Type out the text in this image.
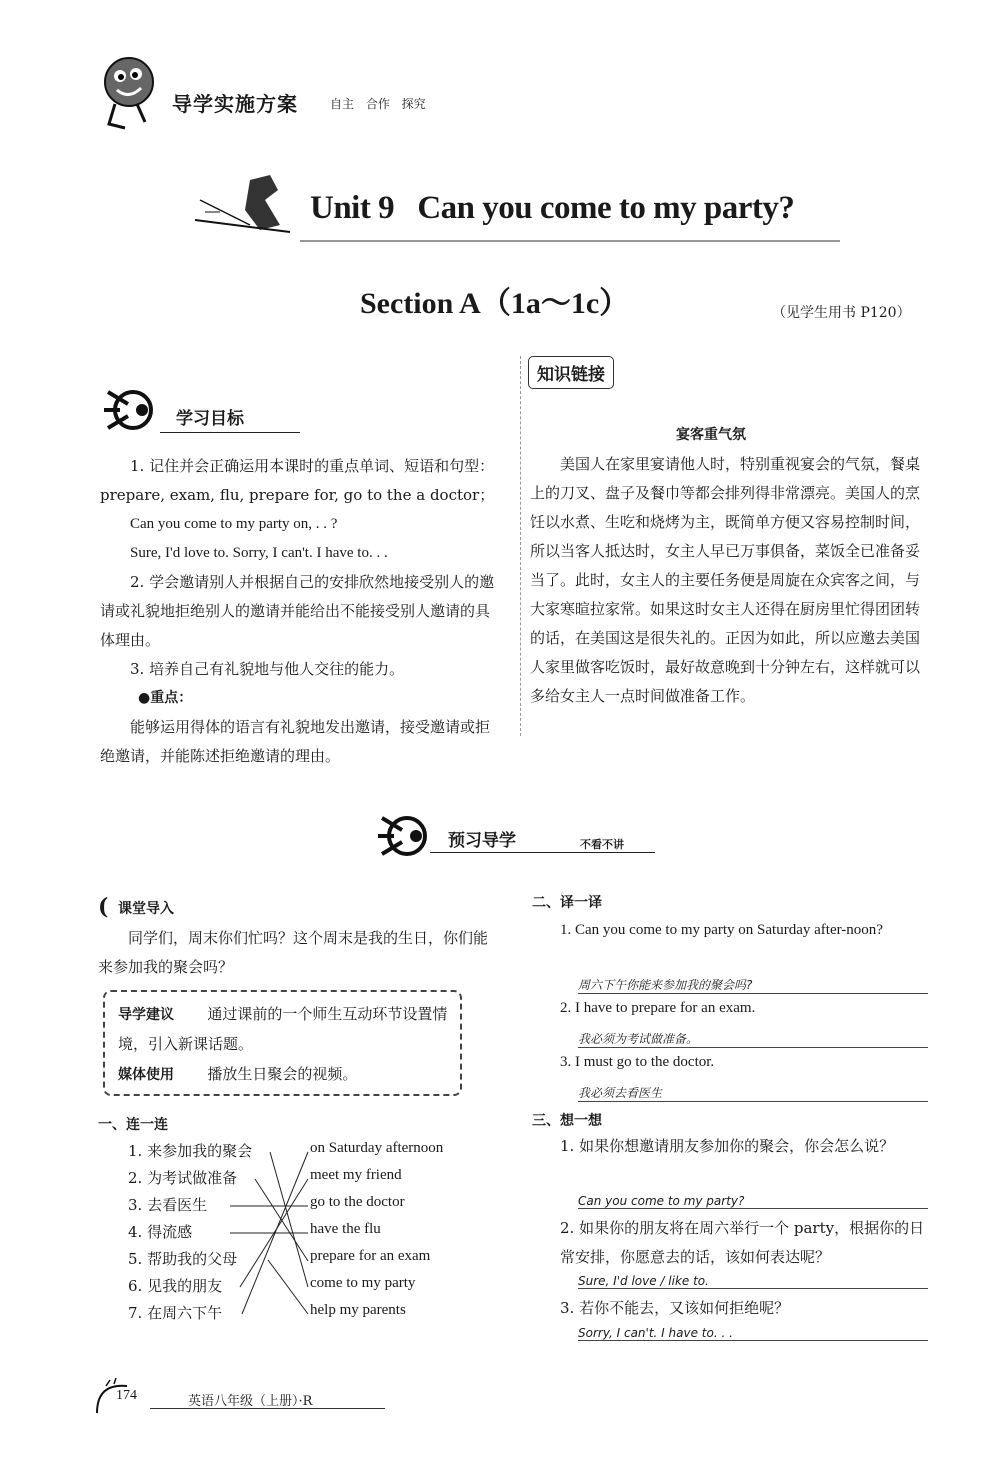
导学实施方案	自主 合作 探究
Unit 9   Can you come to my party?
Section A（1a～1c）	（见学生用书 P120）
学习目标

1. 记住并会正确运用本课时的重点单词、短语和句型：prepare, exam, flu, prepare for, go to the a doctor；

Can you come to my party on, . . ?

Sure, I'd love to. Sorry, I can't. I have to. . .

2. 学会邀请别人并根据自己的安排欣然地接受别人的邀请或礼貌地拒绝别人的邀请并能给出不能接受别人邀请的具体理由。

3. 培养自己有礼貌地与他人交往的能力。

●重点：

能够运用得体的语言有礼貌地发出邀请，接受邀请或拒绝邀请，并能陈述拒绝邀请的理由。

知识链接
宴客重气氛
美国人在家里宴请他人时，特别重视宴会的气氛，餐桌上的刀叉、盘子及餐巾等都会排列得非常漂亮。美国人的烹饪以水煮、生吃和烧烤为主，既简单方便又容易控制时间，所以当客人抵达时，女主人早已万事俱备，菜饭全已准备妥当了。此时，女主人的主要任务便是周旋在众宾客之间，与大家寒暄拉家常。如果这时女主人还得在厨房里忙得团团转的话，在美国这是很失礼的。正因为如此，所以应邀去美国人家里做客吃饭时，最好故意晚到十分钟左右，这样就可以多给女主人一点时间做准备工作。
预习导学	不看不讲
( 课堂导入
同学们，周末你们忙吗？这个周末是我的生日，你们能来参加我的聚会吗？
导学建议 通过课前的一个师生互动环节设置情境，引入新课话题。
媒体使用 播放生日聚会的视频。
一、连一连
1. 来参加我的聚会
2. 为考试做准备
3. 去看医生
4. 得流感
5. 帮助我的父母
6. 见我的朋友
7. 在周六下午
on Saturday afternoon
meet my friend
go to the doctor
have the flu
prepare for an exam
come to my party
help my parents
二、译一译
1. Can you come to my party on Saturday after-noon?
周六下午你能来参加我的聚会吗?
2. I have to prepare for an exam.
我必须为考试做准备。
3. I must go to the doctor.
我必须去看医生
三、想一想
1. 如果你想邀请朋友参加你的聚会，你会怎么说？
Can you come to my party?
2. 如果你的朋友将在周六举行一个 party，根据你的日常安排，你愿意去的话，该如何表达呢？
Sure, I'd love / like to.
3. 若你不能去，又该如何拒绝呢？
Sorry, I can't. I have to. . .
174	英语八年级（上册）·R
